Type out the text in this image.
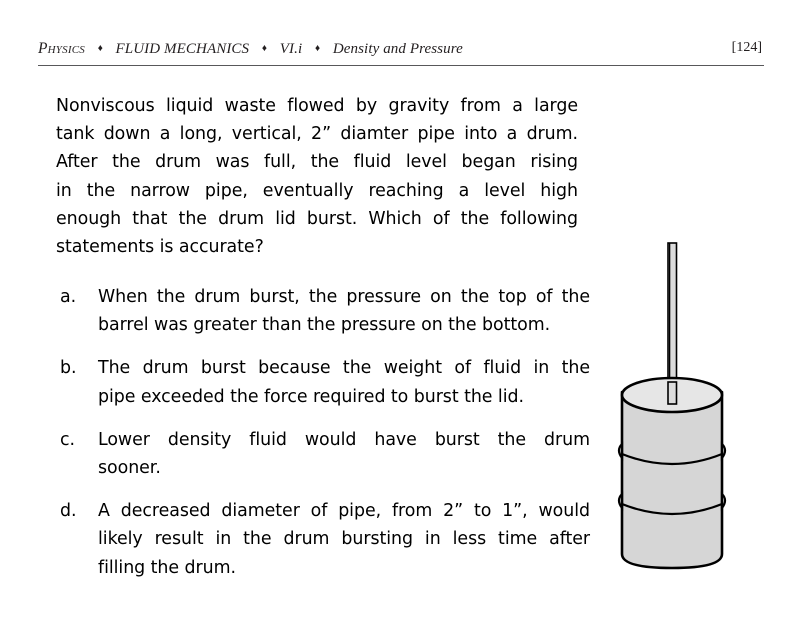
Physics ♦ FLUID MECHANICS ♦ VI.i ♦ Density and Pressure	[124]
Nonviscous liquid waste flowed by gravity from a large
tank down a long, vertical, 2” diamter pipe into a drum.
After the drum was full, the fluid level began rising
in the narrow pipe, eventually reaching a level high
enough that the drum lid burst. Which of the following
statements is accurate?
a.	When the drum burst, the pressure on the top of the
barrel was greater than the pressure on the bottom.
b.	The drum burst because the weight of fluid in the
pipe exceeded the force required to burst the lid.
c.	Lower density fluid would have burst the drum
sooner.
d.	A decreased diameter of pipe, from 2” to 1”, would
likely result in the drum bursting in less time after
filling the drum.
